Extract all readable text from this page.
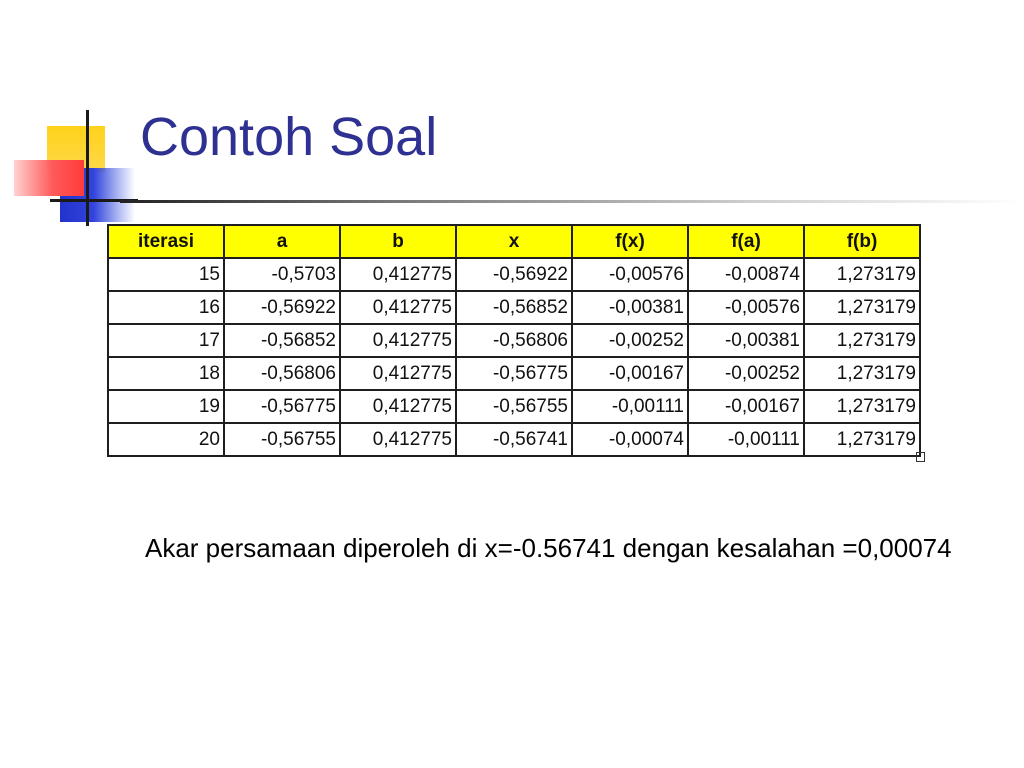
Contoh Soal
iterasi	a	b	x	f(x)	f(a)	f(b)
15	-0,5703	0,412775	-0,56922	-0,00576	-0,00874	1,273179
16	-0,56922	0,412775	-0,56852	-0,00381	-0,00576	1,273179
17	-0,56852	0,412775	-0,56806	-0,00252	-0,00381	1,273179
18	-0,56806	0,412775	-0,56775	-0,00167	-0,00252	1,273179
19	-0,56775	0,412775	-0,56755	-0,00111	-0,00167	1,273179
20	-0,56755	0,412775	-0,56741	-0,00074	-0,00111	1,273179

Akar persamaan diperoleh di x=-0.56741 dengan kesalahan =0,00074
